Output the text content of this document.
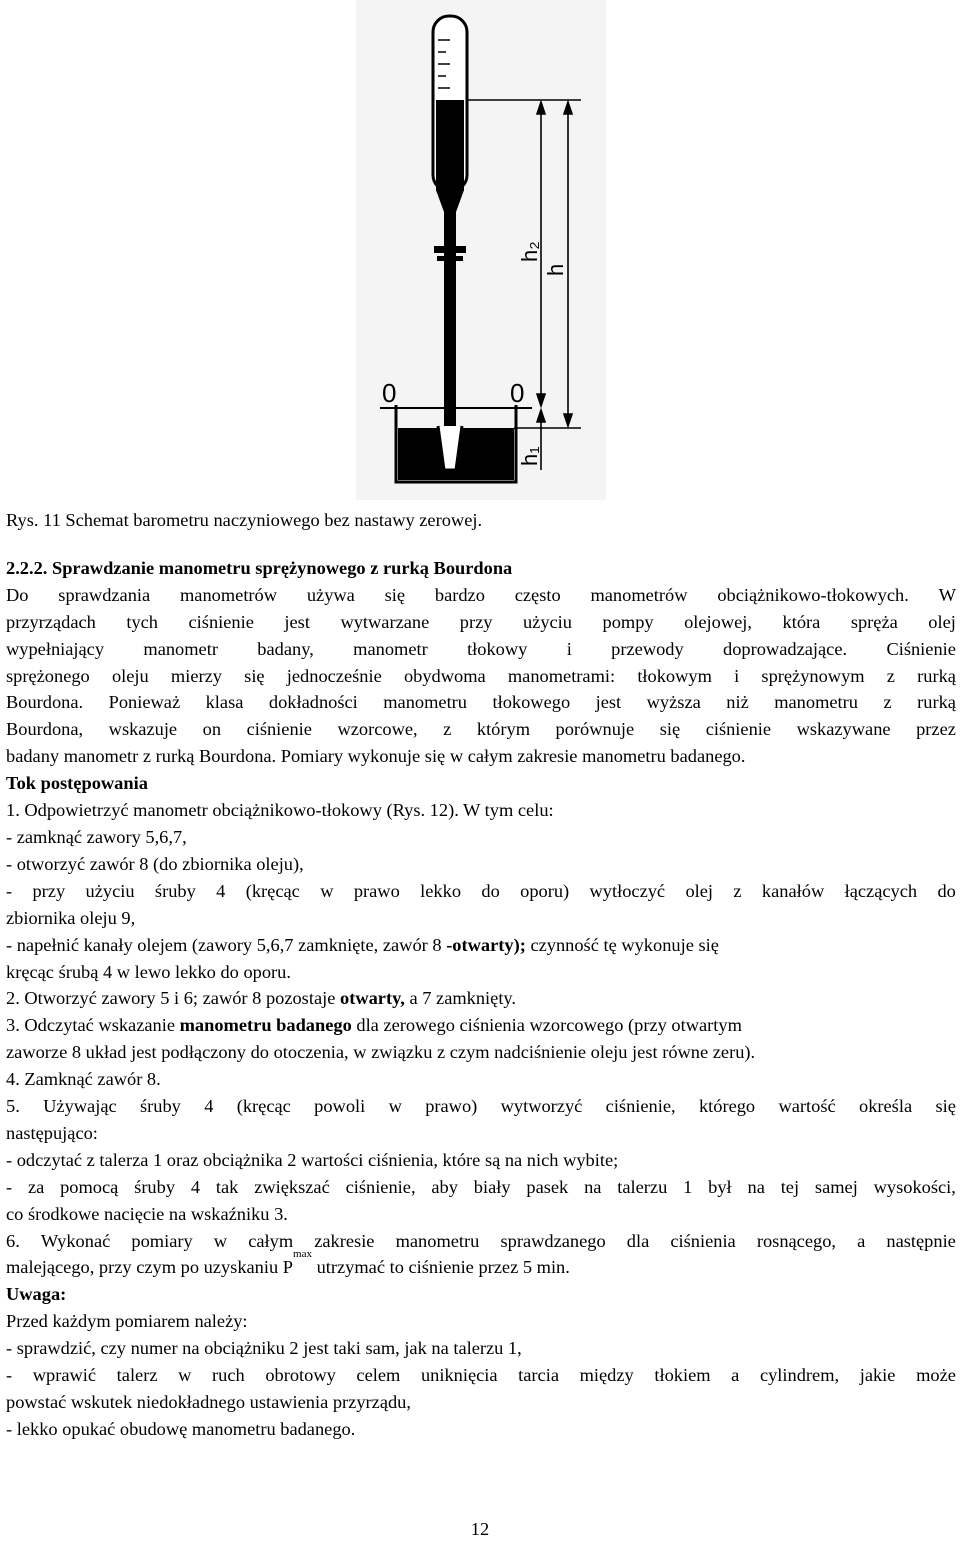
0	0
h₂
h
h₁
Rys. 11 Schemat barometru naczyniowego bez nastawy zerowej.
2.2.2. Sprawdzanie manometru sprężynowego z rurką Bourdona
Do sprawdzania manometrów używa się bardzo często manometrów obciążnikowo-tłokowych. W
przyrządach tych ciśnienie jest wytwarzane przy użyciu pompy olejowej, która spręża olej
wypełniający manometr badany, manometr tłokowy i przewody doprowadzające. Ciśnienie
sprężonego oleju mierzy się jednocześnie obydwoma manometrami: tłokowym i sprężynowym z rurką
Bourdona. Ponieważ klasa dokładności manometru tłokowego jest wyższa niż manometru z rurką
Bourdona, wskazuje on ciśnienie wzorcowe, z którym porównuje się ciśnienie wskazywane przez
badany manometr z rurką Bourdona. Pomiary wykonuje się w całym zakresie manometru badanego.
Tok postępowania
1. Odpowietrzyć manometr obciążnikowo-tłokowy (Rys. 12). W tym celu:
- zamknąć zawory 5,6,7,
- otworzyć zawór 8 (do zbiornika oleju),
- przy użyciu śruby 4 (kręcąc w prawo lekko do oporu) wytłoczyć olej z kanałów łączących do
zbiornika oleju 9,
- napełnić kanały olejem (zawory 5,6,7 zamknięte, zawór 8 -otwarty); czynność tę wykonuje się
kręcąc śrubą 4 w lewo lekko do oporu.
2. Otworzyć zawory 5 i 6; zawór 8 pozostaje otwarty, a 7 zamknięty.
3. Odczytać wskazanie manometru badanego dla zerowego ciśnienia wzorcowego (przy otwartym
zaworze 8 układ jest podłączony do otoczenia, w związku z czym nadciśnienie oleju jest równe zeru).
4. Zamknąć zawór 8.
5. Używając śruby 4 (kręcąc powoli w prawo) wytworzyć ciśnienie, którego wartość określa się
następująco:
- odczytać z talerza 1 oraz obciążnika 2 wartości ciśnienia, które są na nich wybite;
- za pomocą śruby 4 tak zwiększać ciśnienie, aby biały pasek na talerzu 1 był na tej samej wysokości,
co środkowe nacięcie na wskaźniku 3.
6. Wykonać pomiary w całym zakresie manometru sprawdzanego dla ciśnienia rosnącego, a następnie
malejącego, przy czym po uzyskaniu P
max
utrzymać to ciśnienie przez 5 min.
Uwaga:
Przed każdym pomiarem należy:
- sprawdzić, czy numer na obciążniku 2 jest taki sam, jak na talerzu 1,
- wprawić talerz w ruch obrotowy celem uniknięcia tarcia między tłokiem a cylindrem, jakie może
powstać wskutek niedokładnego ustawienia przyrządu,
- lekko opukać obudowę manometru badanego.
12
